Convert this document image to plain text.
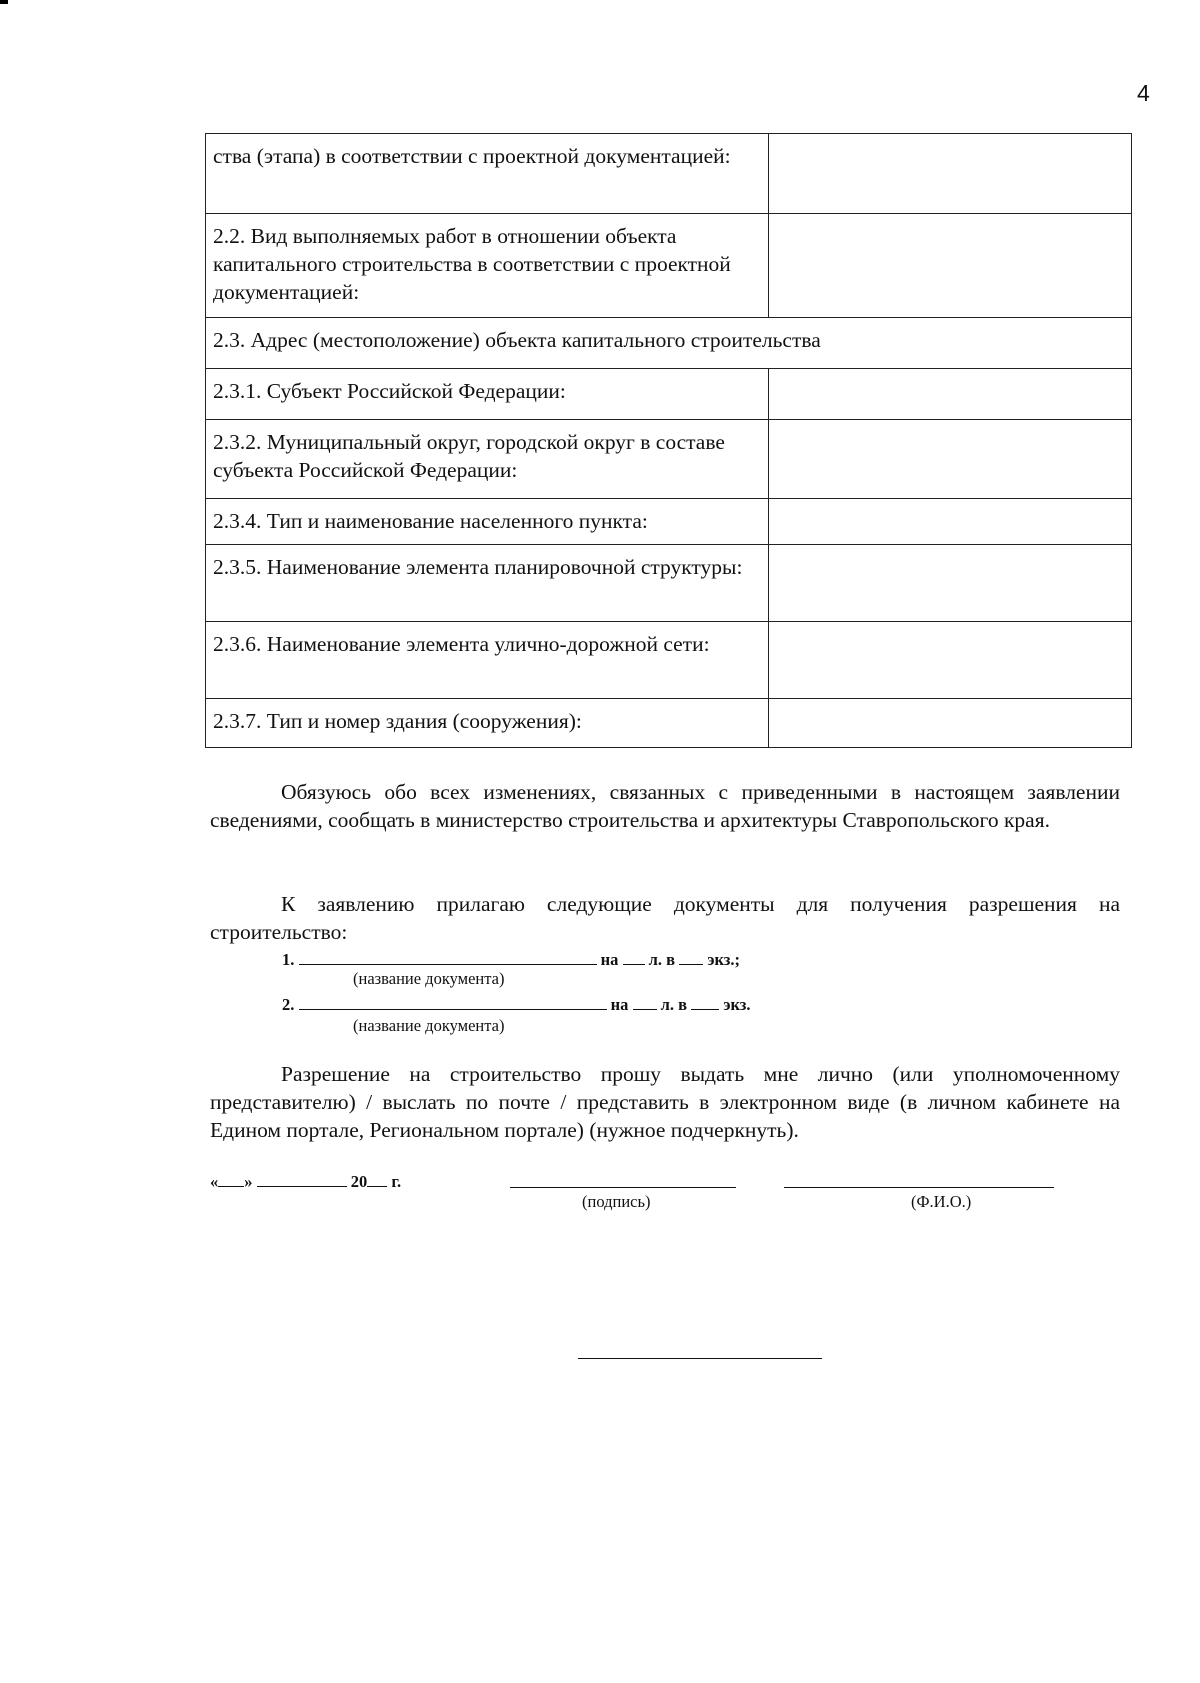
4
ства (этапа) в соответствии с проектной документацией:	
2.2. Вид выполняемых работ в отношении объекта капитального строительства в соответствии с проектной документацией:	
2.3. Адрес (местоположение) объекта капитального строительства	
2.3.1. Субъект Российской Федерации:	
2.3.2. Муниципальный округ, городской округ в составе субъекта Российской Федерации:	
2.3.4. Тип и наименование населенного пункта:	
2.3.5. Наименование элемента планировочной структуры:	
2.3.6. Наименование элемента улично-дорожной сети:	
2.3.7. Тип и номер здания (сооружения):	

Обязуюсь обо всех изменениях, связанных с приведенными в настоящем заявлении сведениями, сообщать в министерство строительства и архитектуры Ставропольского края.

К заявлению прилагаю следующие документы для получения разрешения на строительство:

1.	на л. в экз.;
(название документа)
2.	на л. в экз.
(название документа)

Разрешение на строительство прошу выдать мне лично (или уполномоченному представителю) / выслать по почте / представить в электронном виде (в личном кабинете на Едином портале, Региональном портале) (нужное подчеркнуть).

« »	20 г.
(подпись)	(Ф.И.О.)
